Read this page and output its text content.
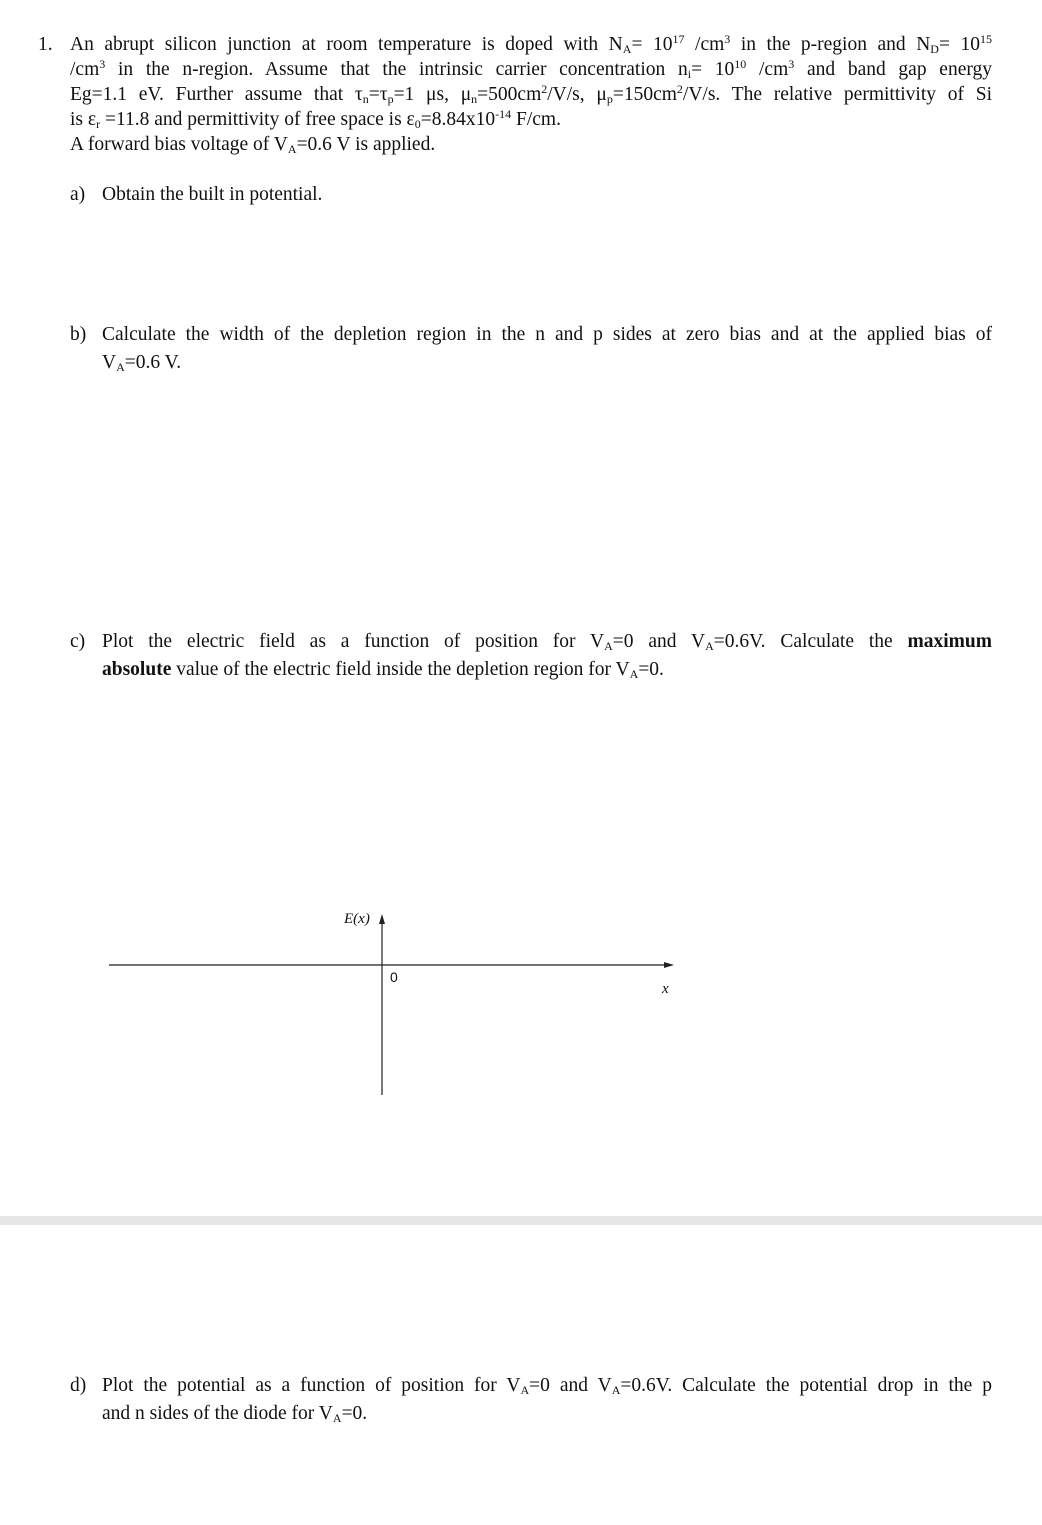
1. An abrupt silicon junction at room temperature is doped with $N_A= 10^{17}$ $/cm^3$ in the p-region and $N_D= 10^{15}$
$/cm^3$ in the n-region. Assume that the intrinsic carrier concentration $n_i= 10^{10}$ $/cm^3$ and band gap energy
Eg=1.1 eV. Further assume that $\tau_n=\tau_p=1$ μs, $\mu_n=500cm^2/V/s$, $\mu_p=150cm^2/V/s$. The relative permittivity of Si
is $\varepsilon_r =11.8$ and permittivity of free space is $\varepsilon_0=8.84x10^{-14}$ F/cm.
A forward bias voltage of $V_A=0.6$ V is applied.
a) Obtain the built in potential.
b) Calculate the width of the depletion region in the n and p sides at zero bias and at the applied bias of
$V_A=0.6$ V.
c) Plot the electric field as a function of position for $V_A=0$ and $V_A=0.6V$. Calculate the maximum
absolute value of the electric field inside the depletion region for $V_A=0$.
E(x)
0
x
d) Plot the potential as a function of position for $V_A=0$ and $V_A=0.6V$. Calculate the potential drop in the p
and n sides of the diode for $V_A=0$.
